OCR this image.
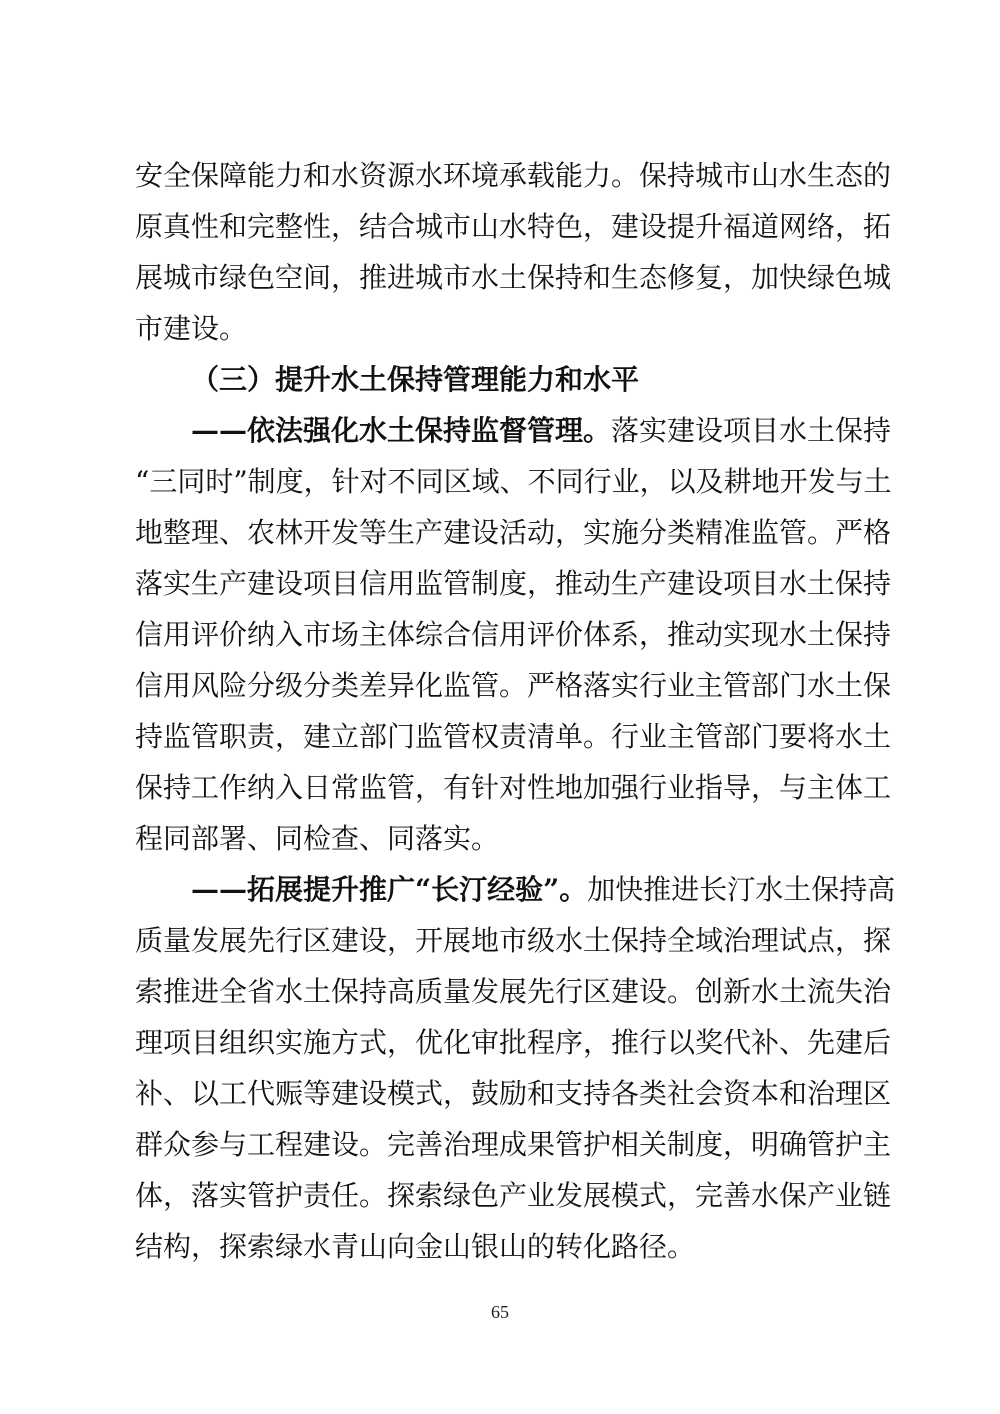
安全保障能力和水资源水环境承载能力。保持城市山水生态的
原真性和完整性，结合城市山水特色，建设提升福道网络，拓
展城市绿色空间，推进城市水土保持和生态修复，加快绿色城
市建设。
（三）提升水土保持管理能力和水平
——依法强化水土保持监督管理。落实建设项目水土保持
“三同时”制度，针对不同区域、不同行业，以及耕地开发与土
地整理、农林开发等生产建设活动，实施分类精准监管。严格
落实生产建设项目信用监管制度，推动生产建设项目水土保持
信用评价纳入市场主体综合信用评价体系，推动实现水土保持
信用风险分级分类差异化监管。严格落实行业主管部门水土保
持监管职责，建立部门监管权责清单。行业主管部门要将水土
保持工作纳入日常监管，有针对性地加强行业指导，与主体工
程同部署、同检查、同落实。
——拓展提升推广“长汀经验”。加快推进长汀水土保持高
质量发展先行区建设，开展地市级水土保持全域治理试点，探
索推进全省水土保持高质量发展先行区建设。创新水土流失治
理项目组织实施方式，优化审批程序，推行以奖代补、先建后
补、以工代赈等建设模式，鼓励和支持各类社会资本和治理区
群众参与工程建设。完善治理成果管护相关制度，明确管护主
体，落实管护责任。探索绿色产业发展模式，完善水保产业链
结构，探索绿水青山向金山银山的转化路径。
65
